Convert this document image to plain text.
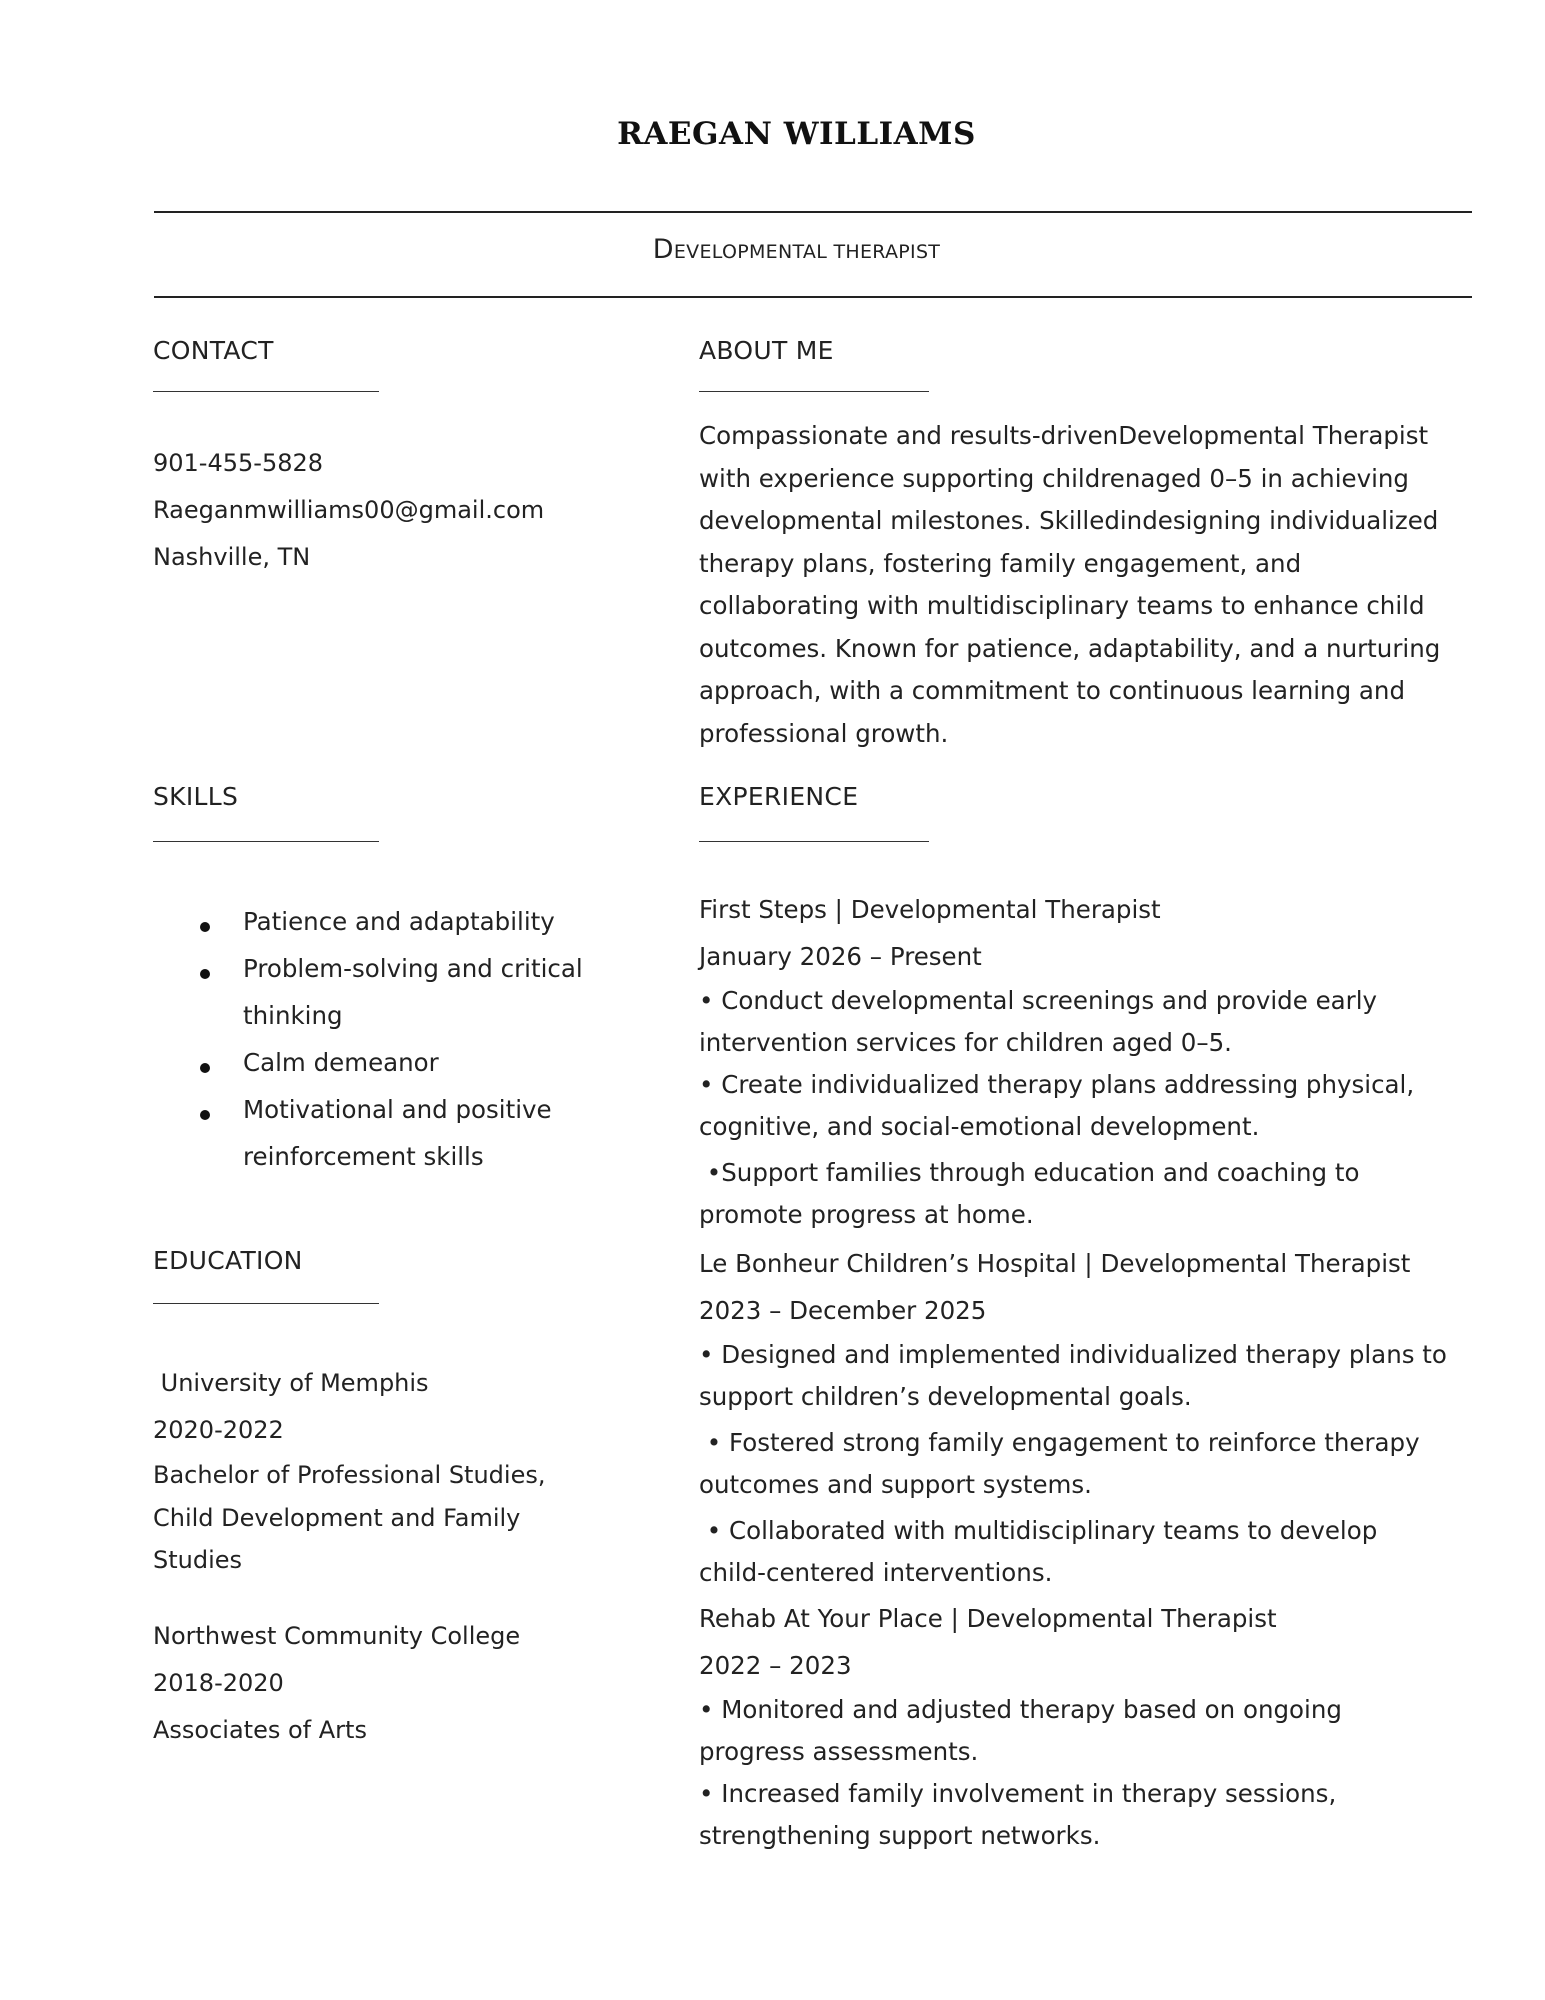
RAEGAN WILLIAMS
DEVELOPMENTAL THERAPIST
CONTACT
901-455-5828
Raeganmwilliams00@gmail.com
Nashville, TN
ABOUT ME
Compassionate and results-drivenDevelopmental Therapist
with experience supporting childrenaged 0–5 in achieving
developmental milestones. Skilledindesigning individualized
therapy plans, fostering family engagement, and
collaborating with multidisciplinary teams to enhance child
outcomes. Known for patience, adaptability, and a nurturing
approach, with a commitment to continuous learning and
professional growth.
SKILLS
Patience and adaptability
Problem-solving and critical thinking
Calm demeanor
Motivational and positive reinforcement skills
EDUCATION
University of Memphis
2020-2022
Bachelor of Professional Studies,
Child Development and Family
Studies
Northwest Community College
2018-2020
Associates of Arts
EXPERIENCE
First Steps | Developmental Therapist
January 2026 – Present
• Conduct developmental screenings and provide early
intervention services for children aged 0–5.
• Create individualized therapy plans addressing physical,
cognitive, and social-emotional development.
•Support families through education and coaching to
promote progress at home.
Le Bonheur Children’s Hospital | Developmental Therapist
2023 – December 2025
• Designed and implemented individualized therapy plans to
support children’s developmental goals.
• Fostered strong family engagement to reinforce therapy
outcomes and support systems.
• Collaborated with multidisciplinary teams to develop
child-centered interventions.
Rehab At Your Place | Developmental Therapist
2022 – 2023
• Monitored and adjusted therapy based on ongoing
progress assessments.
• Increased family involvement in therapy sessions,
strengthening support networks.
